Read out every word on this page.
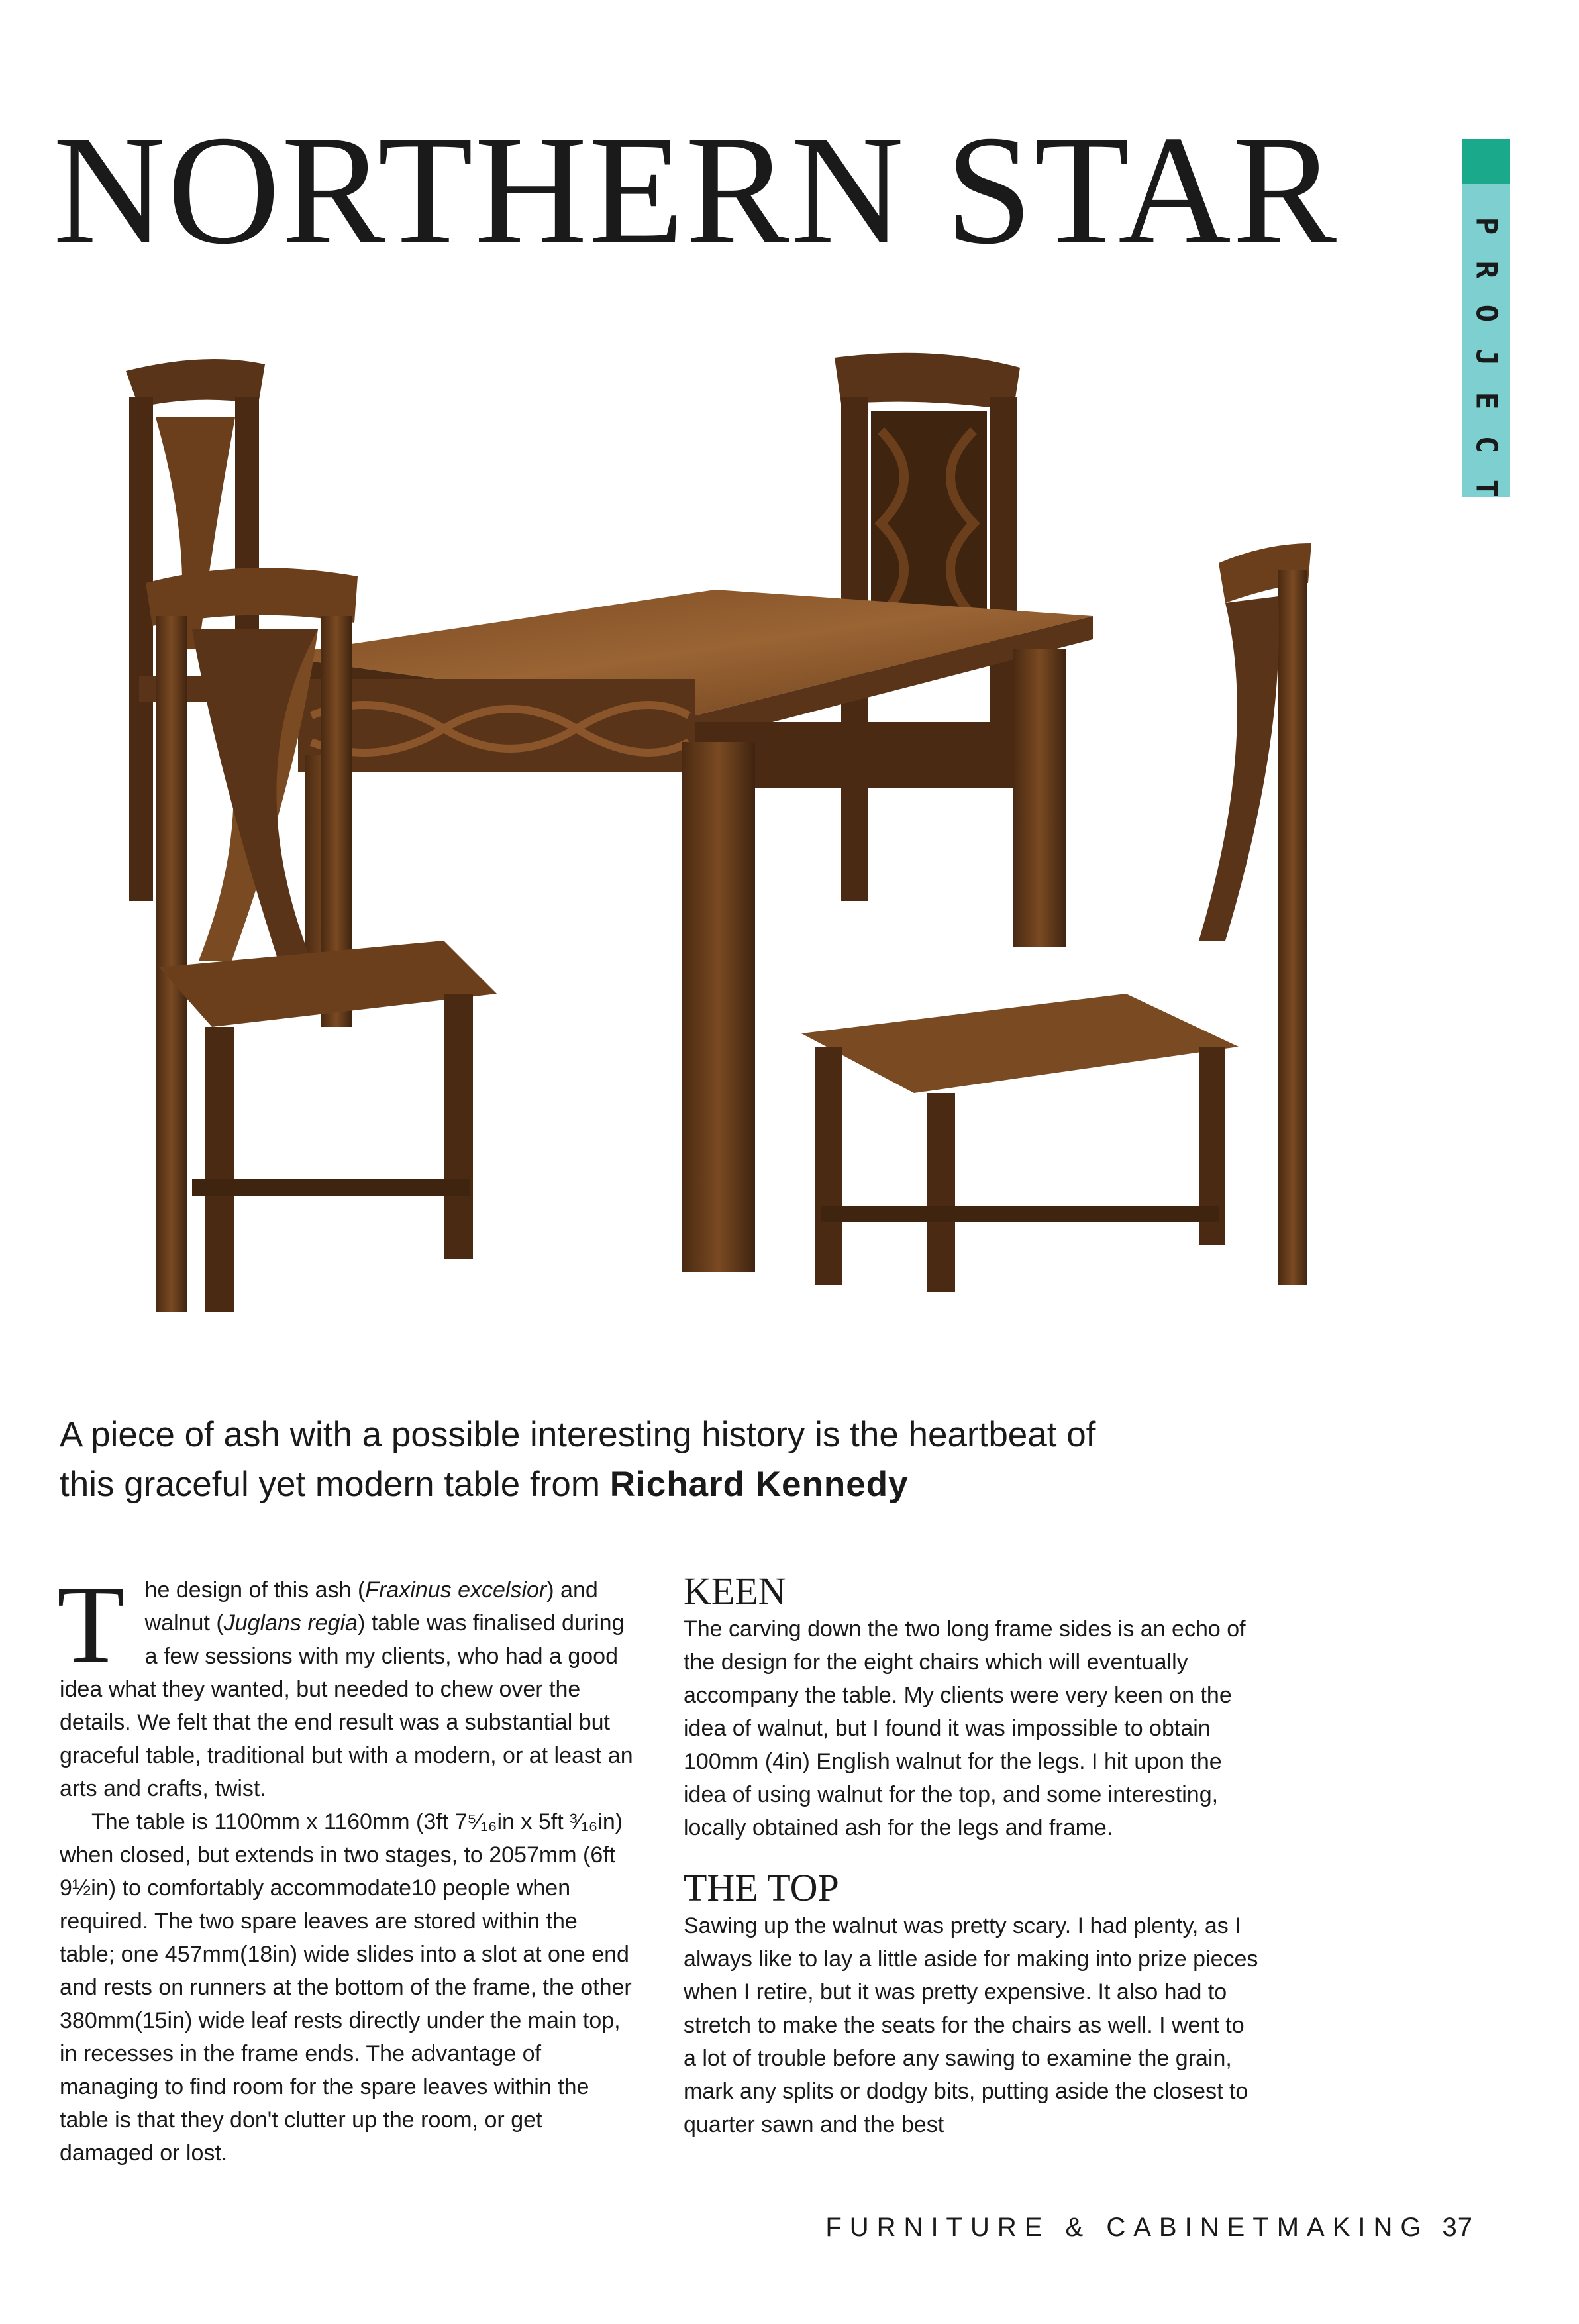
NORTHERN STAR	P
R
O
J
E
C
T

A piece of ash with a possible interesting history is the heartbeat of this graceful yet modern table from Richard Kennedy

The design of this ash (Fraxinus excelsior) and walnut (Juglans regia) table was finalised during a few sessions with my clients, who had a good idea what they wanted, but needed to chew over the details. We felt that the end result was a substantial but graceful table, traditional but with a modern, or at least an arts and crafts, twist.

The table is 1100mm x 1160mm (3ft 7⁵⁄₁₆in x 5ft ³⁄₁₆in) when closed, but extends in two stages, to 2057mm (6ft 9½in) to comfortably accommodate10 people when required. The two spare leaves are stored within the table; one 457mm(18in) wide slides into a slot at one end and rests on runners at the bottom of the frame, the other 380mm(15in) wide leaf rests directly under the main top, in recesses in the frame ends. The advantage of managing to find room for the spare leaves within the table is that they don't clutter up the room, or get damaged or lost.

KEEN

The carving down the two long frame sides is an echo of the design for the eight chairs which will eventually accompany the table. My clients were very keen on the idea of walnut, but I found it was impossible to obtain 100mm (4in) English walnut for the legs. I hit upon the idea of using walnut for the top, and some interesting, locally obtained ash for the legs and frame.

THE TOP

Sawing up the walnut was pretty scary. I had plenty, as I always like to lay a little aside for making into prize pieces when I retire, but it was pretty expensive. It also had to stretch to make the seats for the chairs as well. I went to a lot of trouble before any sawing to examine the grain, mark any splits or dodgy bits, putting aside the closest to quarter sawn and the best

FURNITURE & CABINETMAKING 37
